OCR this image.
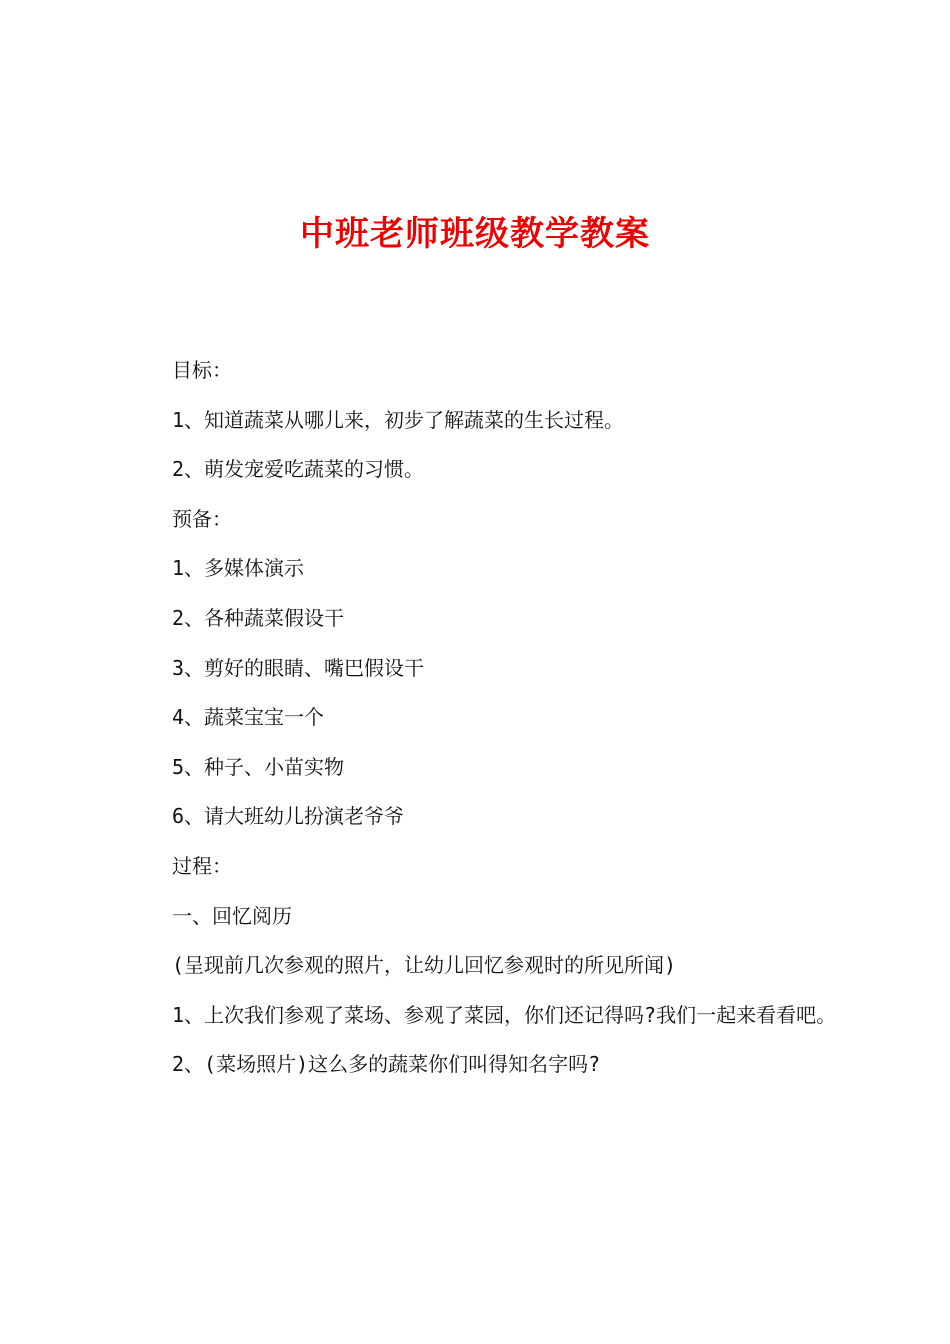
中班老师班级教学教案

目标：

1、知道蔬菜从哪儿来，初步了解蔬菜的生长过程。

2、萌发宠爱吃蔬菜的习惯。

预备：

1、多媒体演示

2、各种蔬菜假设干

3、剪好的眼睛、嘴巴假设干

4、蔬菜宝宝一个

5、种子、小苗实物

6、请大班幼儿扮演老爷爷

过程：

一、回忆阅历

(呈现前几次参观的照片，让幼儿回忆参观时的所见所闻)

1、上次我们参观了菜场、参观了菜园，你们还记得吗?我们一起来看看吧。

2、(菜场照片)这么多的蔬菜你们叫得知名字吗?
